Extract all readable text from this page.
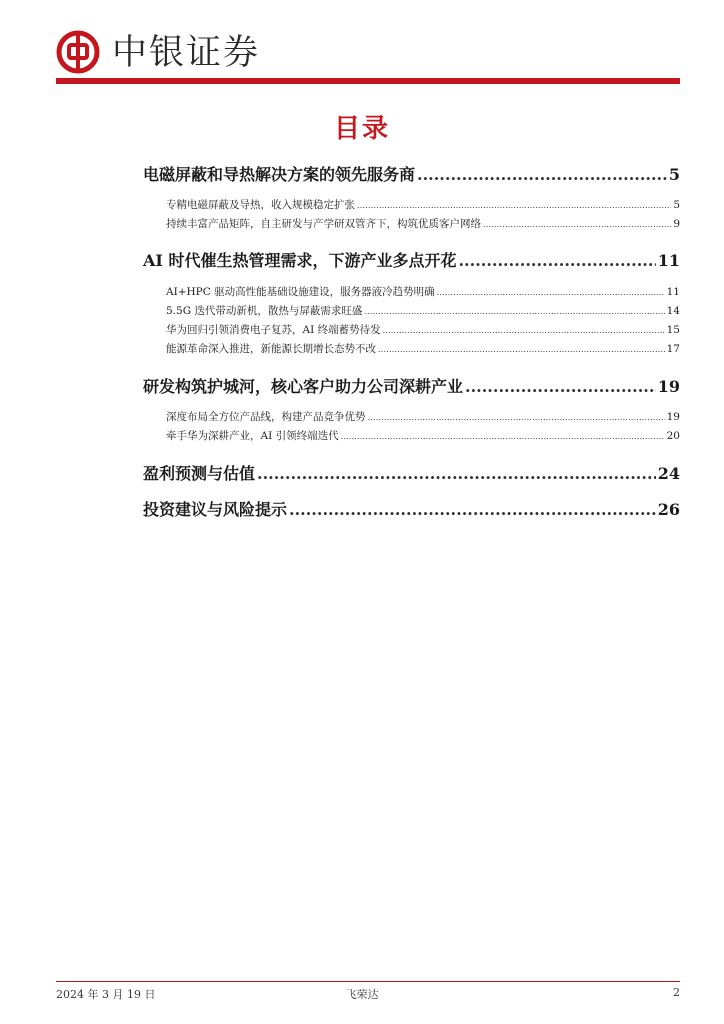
中银证券
目录
电磁屏蔽和导热解决方案的领先服务商 .....	5
专精电磁屏蔽及导热，收入规模稳定扩张 .....	5
持续丰富产品矩阵，自主研发与产学研双管齐下，构筑优质客户网络 .....	9
AI 时代催生热管理需求，下游产业多点开花 .....	11
AI+HPC 驱动高性能基础设施建设，服务器液冷趋势明确 .....	11
5.5G 迭代带动新机，散热与屏蔽需求旺盛 .....	14
华为回归引领消费电子复苏，AI 终端蓄势待发 .....	15
能源革命深入推进，新能源长期增长态势不改 .....	17
研发构筑护城河，核心客户助力公司深耕产业 .....	19
深度布局全方位产品线，构建产品竞争优势 .....	19
牵手华为深耕产业，AI 引领终端迭代 .....	20
盈利预测与估值 .....	24
投资建议与风险提示 .....	26
2024 年 3 月 19 日	飞荣达	2
